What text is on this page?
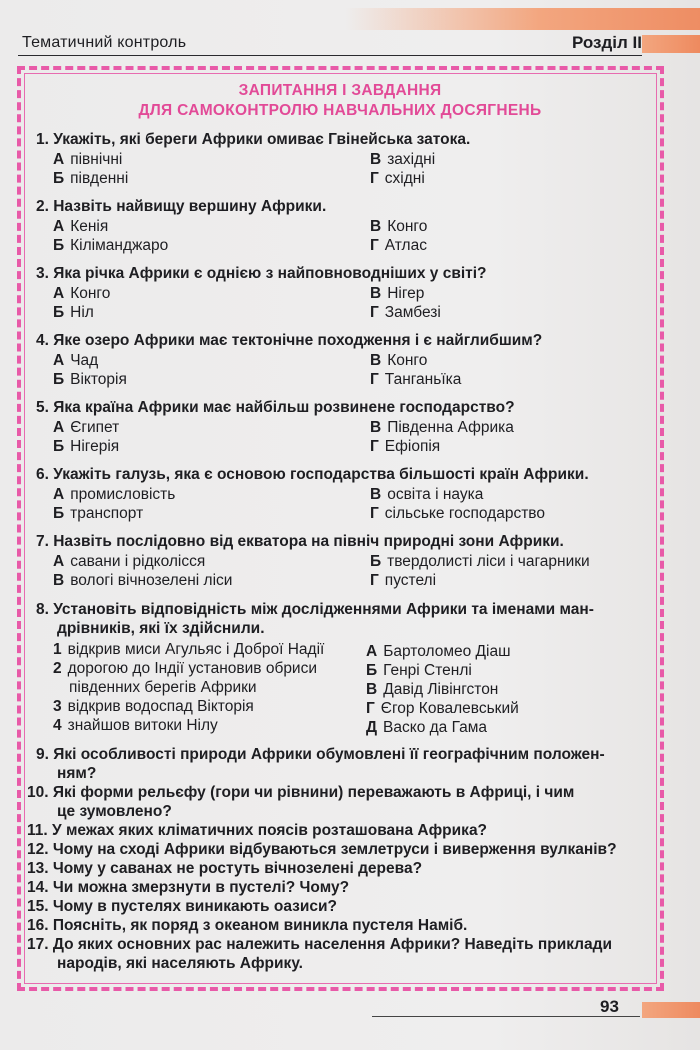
Тематичний контроль	Розділ II
ЗАПИТАННЯ І ЗАВДАННЯ
ДЛЯ САМОКОНТРОЛЮ НАВЧАЛЬНИХ ДОСЯГНЕНЬ
1. Укажіть, які береги Африки омиває Гвінейська затока.
А північні	В західні
Б південні	Г східні
2. Назвіть найвищу вершину Африки.
А Кенія	В Конго
Б Кіліманджаро	Г Атлас
3. Яка річка Африки є однією з найповноводніших у світі?
А Конго	В Нігер
Б Ніл	Г Замбезі
4. Яке озеро Африки має тектонічне походження і є найглибшим?
А Чад	В Конго
Б Вікторія	Г Танганьїка
5. Яка країна Африки має найбільш розвинене господарство?
А Єгипет	В Південна Африка
Б Нігерія	Г Ефіопія
6. Укажіть галузь, яка є основою господарства більшості країн Африки.
А промисловість	В освіта і наука
Б транспорт	Г сільське господарство
7. Назвіть послідовно від екватора на північ природні зони Африки.
А савани і рідколісся	Б твердолисті ліси і чагарники
В вологі вічнозелені ліси	Г пустелі
8. Установіть відповідність між дослідженнями Африки та іменами ман-
дрівників, які їх здійснили.
1 відкрив миси Агульяс і Доброї Надії
2 дорогою до Індії установив обриси
південних берегів Африки
3 відкрив водоспад Вікторія
4 знайшов витоки Нілу
А Бартоломео Діаш
Б Генрі Стенлі
В Давід Лівінгстон
Г Єгор Ковалевський
Д Васко да Гама
9. Які особливості природи Африки обумовлені її географічним положен-
ням?
10. Які форми рельєфу (гори чи рівнини) переважають в Африці, і чим
це зумовлено?
11. У межах яких кліматичних поясів розташована Африка?
12. Чому на сході Африки відбуваються землетруси і виверження вулканів?
13. Чому у саванах не ростуть вічнозелені дерева?
14. Чи можна змерзнути в пустелі? Чому?
15. Чому в пустелях виникають оазиси?
16. Поясніть, як поряд з океаном виникла пустеля Наміб.
17. До яких основних рас належить населення Африки? Наведіть приклади
народів, які населяють Африку.
93
